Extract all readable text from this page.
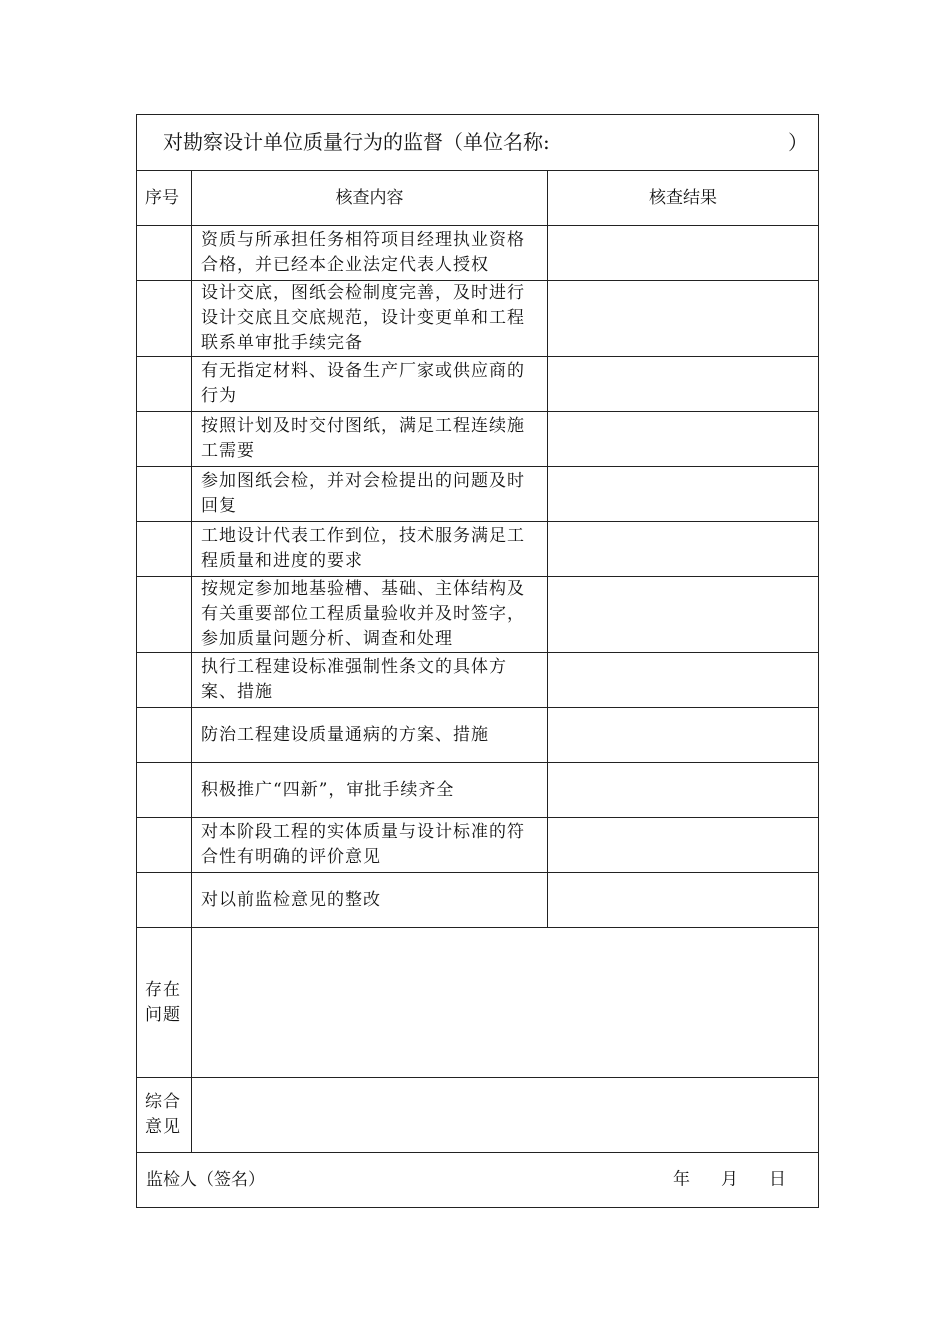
对勘察设计单位质量行为的监督（单位名称: ）		

序号	核查内容	核查结果
	资质与所承担任务相符项目经理执业资格合格，并已经本企业法定代表人授权	
	设计交底，图纸会检制度完善，及时进行设计交底且交底规范，设计变更单和工程联系单审批手续完备	
	有无指定材料、设备生产厂家或供应商的行为	
	按照计划及时交付图纸，满足工程连续施工需要	
	参加图纸会检，并对会检提出的问题及时回复	
	工地设计代表工作到位，技术服务满足工程质量和进度的要求	
	按规定参加地基验槽、基础、主体结构及有关重要部位工程质量验收并及时签字，参加质量问题分析、调查和处理	
	执行工程建设标准强制性条文的具体方案、措施	
	防治工程建设质量通病的方案、措施	
	积极推广“四新”，审批手续齐全	
	对本阶段工程的实体质量与设计标准的符合性有明确的评价意见	
	对以前监检意见的整改	
存在问题		
综合意见		
监检人（签名） 年 月 日		
